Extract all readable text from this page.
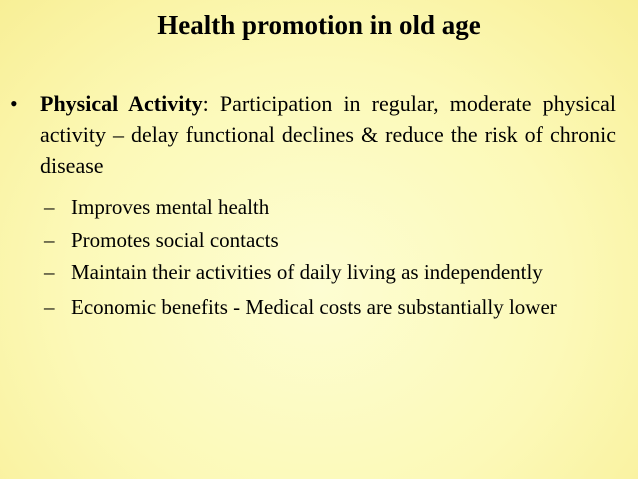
Health promotion in old age
•	Physical Activity: Participation in regular, moderate physical activity – delay functional declines & reduce the risk of chronic disease
– Improves mental health
– Promotes social contacts
– Maintain their activities of daily living as independently
– Economic benefits - Medical costs are substantially lower
